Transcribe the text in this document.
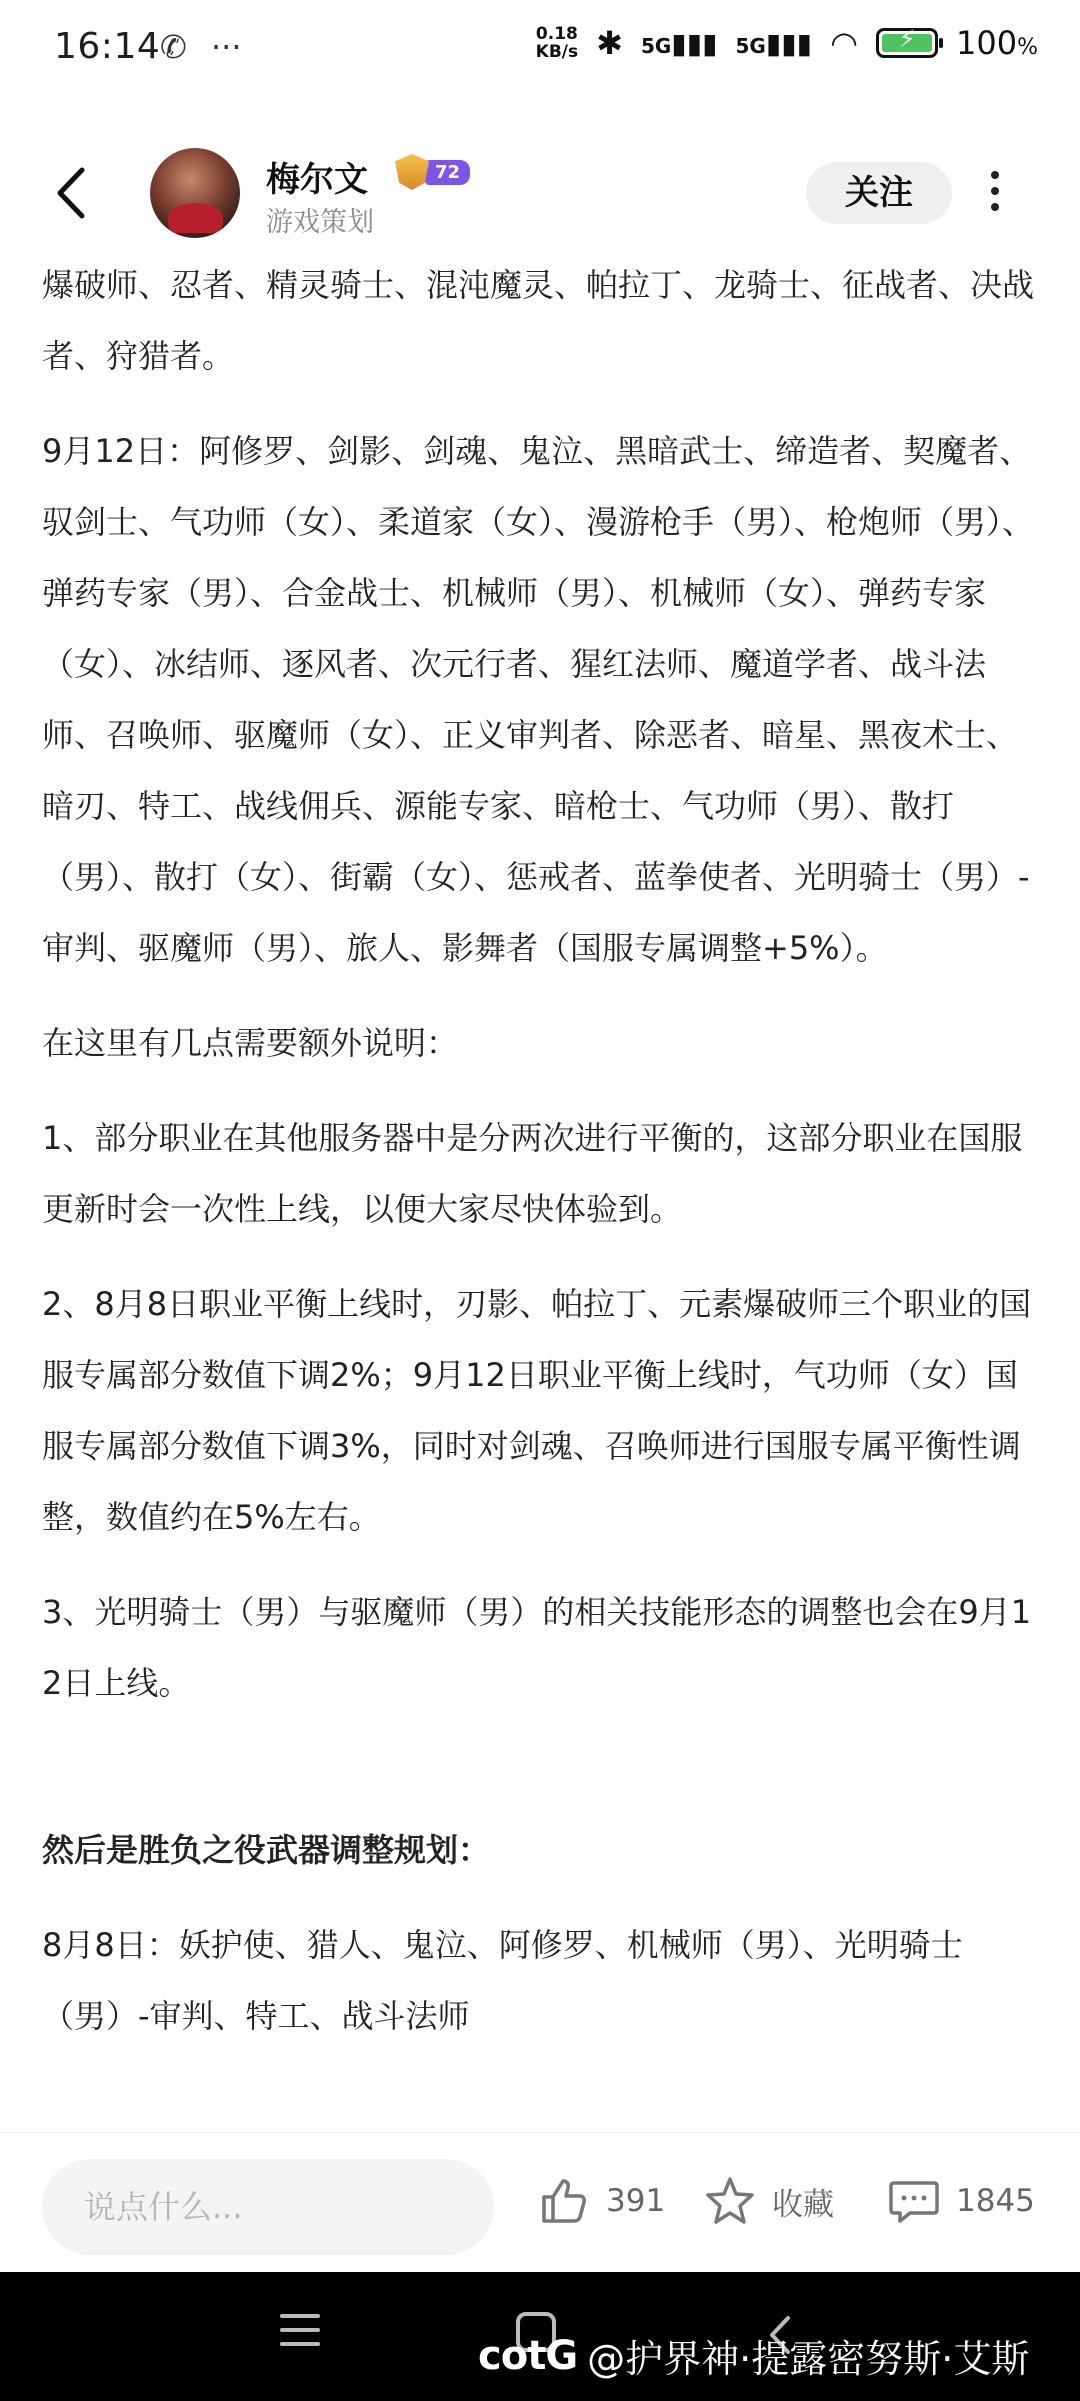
16:14 ✆ ···	0.18
KB/s ✱ 5G▮▮▮ 5G▮▮▮ ◠	⚡	100%
梅尔文	72
游戏策划
关注

爆破师、忍者、精灵骑士、混沌魔灵、帕拉丁、龙骑士、征战者、决战者、狩猎者。

9月12日：阿修罗、剑影、剑魂、鬼泣、黑暗武士、缔造者、契魔者、驭剑士、气功师（女）、柔道家（女）、漫游枪手（男）、枪炮师（男）、弹药专家（男）、合金战士、机械师（男）、机械师（女）、弹药专家（女）、冰结师、逐风者、次元行者、猩红法师、魔道学者、战斗法师、召唤师、驱魔师（女）、正义审判者、除恶者、暗星、黑夜术士、暗刃、特工、战线佣兵、源能专家、暗枪士、气功师（男）、散打（男）、散打（女）、街霸（女）、惩戒者、蓝拳使者、光明骑士（男）-审判、驱魔师（男）、旅人、影舞者（国服专属调整+5%）。

在这里有几点需要额外说明：

1、部分职业在其他服务器中是分两次进行平衡的，这部分职业在国服更新时会一次性上线，以便大家尽快体验到。

2、8月8日职业平衡上线时，刃影、帕拉丁、元素爆破师三个职业的国服专属部分数值下调2%；9月12日职业平衡上线时，气功师（女）国服专属部分数值下调3%，同时对剑魂、召唤师进行国服专属平衡性调整，数值约在5%左右。

3、光明骑士（男）与驱魔师（男）的相关技能形态的调整也会在9月12日上线。

然后是胜负之役武器调整规划：

8月8日：妖护使、猎人、鬼泣、阿修罗、机械师（男）、光明骑士（男）-审判、特工、战斗法师

说点什么...	391	收藏	1845
cotG @护界神·提露密努斯·艾斯
